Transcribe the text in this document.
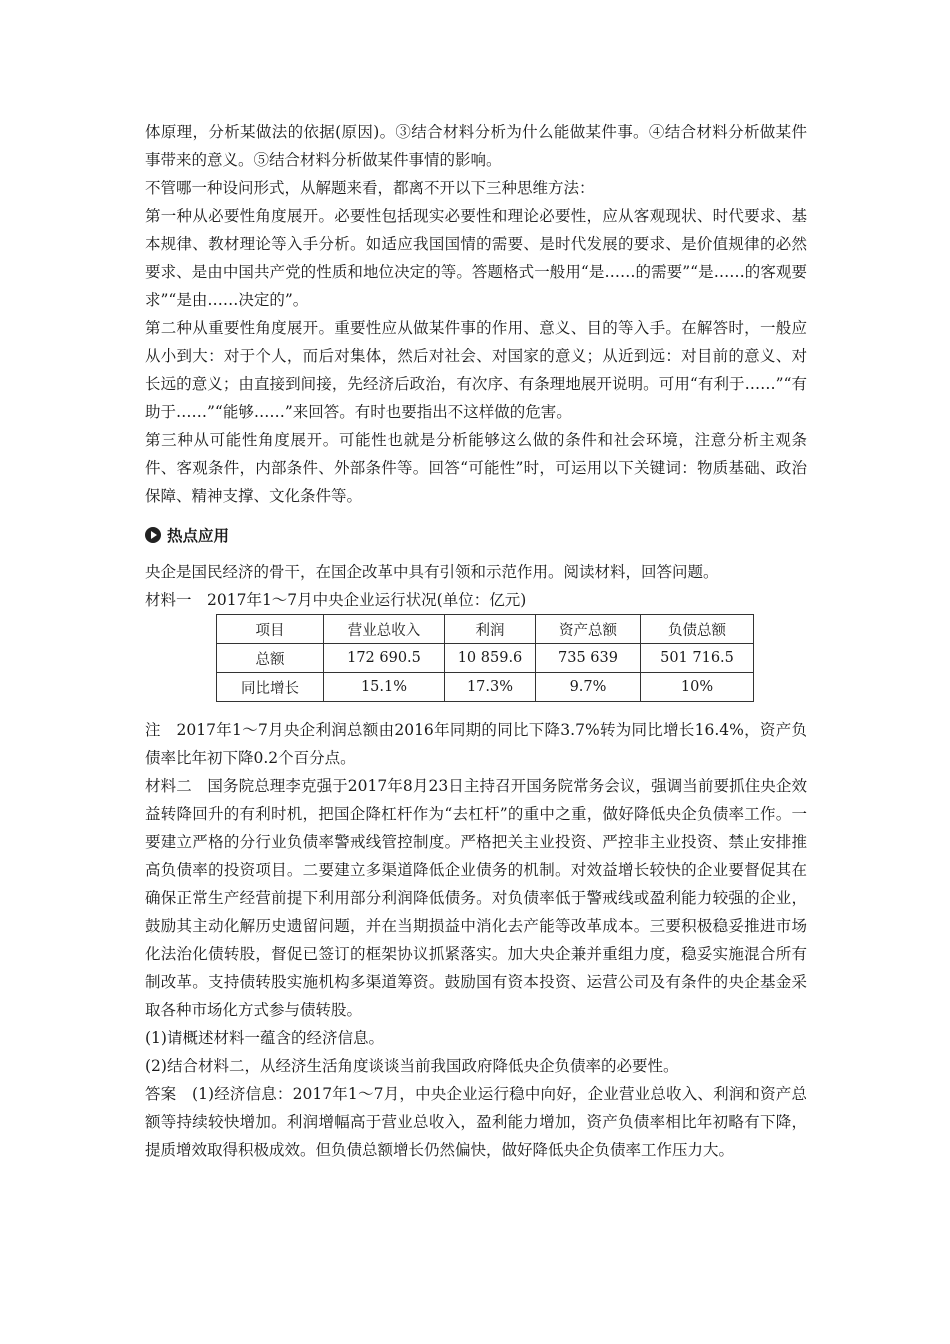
体原理，分析某做法的依据(原因)。③结合材料分析为什么能做某件事。④结合材料分析做某件事带来的意义。⑤结合材料分析做某件事情的影响。

不管哪一种设问形式，从解题来看，都离不开以下三种思维方法：

第一种从必要性角度展开。必要性包括现实必要性和理论必要性，应从客观现状、时代要求、基本规律、教材理论等入手分析。如适应我国国情的需要、是时代发展的要求、是价值规律的必然要求、是由中国共产党的性质和地位决定的等。答题格式一般用“是……的需要”“是……的客观要求”“是由……决定的”。

第二种从重要性角度展开。重要性应从做某件事的作用、意义、目的等入手。在解答时，一般应从小到大：对于个人，而后对集体，然后对社会、对国家的意义；从近到远：对目前的意义、对长远的意义；由直接到间接，先经济后政治，有次序、有条理地展开说明。可用“有利于……”“有助于……”“能够……”来回答。有时也要指出不这样做的危害。

第三种从可能性角度展开。可能性也就是分析能够这么做的条件和社会环境，注意分析主观条件、客观条件，内部条件、外部条件等。回答“可能性”时，可运用以下关键词：物质基础、政治保障、精神支撑、文化条件等。

热点应用

央企是国民经济的骨干，在国企改革中具有引领和示范作用。阅读材料，回答问题。

材料一　2017年1～7月中央企业运行状况(单位：亿元)

项目	营业总收入	利润	资产总额	负债总额
总额	172 690.5	10 859.6	735 639	501 716.5
同比增长	15.1%	17.3%	9.7%	10%

注　2017年1～7月央企利润总额由2016年同期的同比下降3.7%转为同比增长16.4%，资产负债率比年初下降0.2个百分点。

材料二　国务院总理李克强于2017年8月23日主持召开国务院常务会议，强调当前要抓住央企效益转降回升的有利时机，把国企降杠杆作为“去杠杆”的重中之重，做好降低央企负债率工作。一要建立严格的分行业负债率警戒线管控制度。严格把关主业投资、严控非主业投资、禁止安排推高负债率的投资项目。二要建立多渠道降低企业债务的机制。对效益增长较快的企业要督促其在确保正常生产经营前提下利用部分利润降低债务。对负债率低于警戒线或盈利能力较强的企业，鼓励其主动化解历史遗留问题，并在当期损益中消化去产能等改革成本。三要积极稳妥推进市场化法治化债转股，督促已签订的框架协议抓紧落实。加大央企兼并重组力度，稳妥实施混合所有制改革。支持债转股实施机构多渠道筹资。鼓励国有资本投资、运营公司及有条件的央企基金采取各种市场化方式参与债转股。

(1)请概述材料一蕴含的经济信息。

(2)结合材料二，从经济生活角度谈谈当前我国政府降低央企负债率的必要性。

答案　(1)经济信息：2017年1～7月，中央企业运行稳中向好，企业营业总收入、利润和资产总额等持续较快增加。利润增幅高于营业总收入，盈利能力增加，资产负债率相比年初略有下降，提质增效取得积极成效。但负债总额增长仍然偏快，做好降低央企负债率工作压力大。
